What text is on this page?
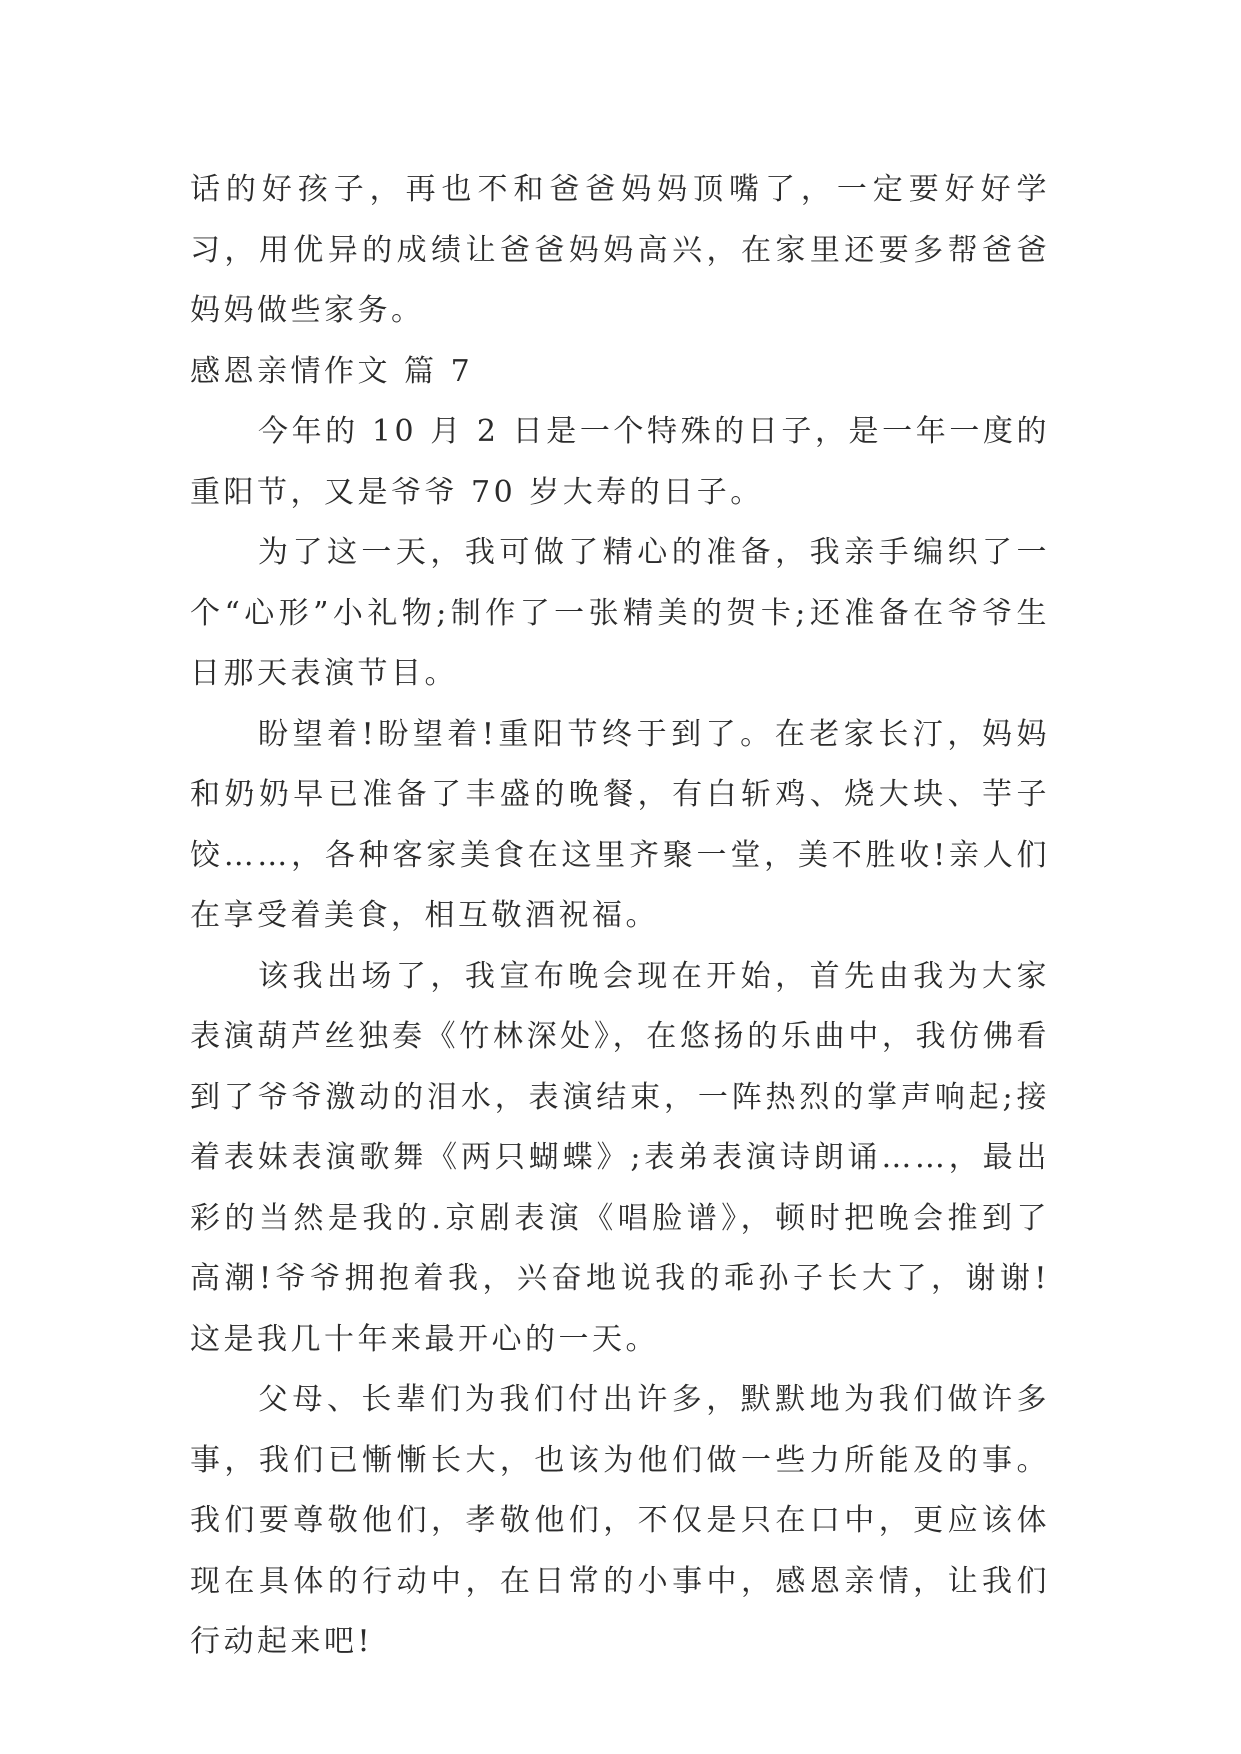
话的好孩子，再也不和爸爸妈妈顶嘴了，一定要好好学习，用优异的成绩让爸爸妈妈高兴，在家里还要多帮爸爸妈妈做些家务。

感恩亲情作文 篇 7

今年的 10 月 2 日是一个特殊的日子，是一年一度的重阳节，又是爷爷 70 岁大寿的日子。

为了这一天，我可做了精心的准备，我亲手编织了一个“心形”小礼物;制作了一张精美的贺卡;还准备在爷爷生日那天表演节目。

盼望着!盼望着!重阳节终于到了。在老家长汀，妈妈和奶奶早已准备了丰盛的晚餐，有白斩鸡、烧大块、芋子饺……，各种客家美食在这里齐聚一堂，美不胜收!亲人们在享受着美食，相互敬酒祝福。

该我出场了，我宣布晚会现在开始，首先由我为大家表演葫芦丝独奏《竹林深处》，在悠扬的乐曲中，我仿佛看到了爷爷激动的泪水，表演结束，一阵热烈的掌声响起;接着表妹表演歌舞《两只蝴蝶》;表弟表演诗朗诵……，最出彩的当然是我的.京剧表演《唱脸谱》，顿时把晚会推到了高潮!爷爷拥抱着我，兴奋地说我的乖孙子长大了，谢谢!这是我几十年来最开心的一天。

父母、长辈们为我们付出许多，默默地为我们做许多事，我们已慚慚长大，也该为他们做一些力所能及的事。我们要尊敬他们，孝敬他们，不仅是只在口中，更应该体现在具体的行动中，在日常的小事中，感恩亲情，让我们行动起来吧!
